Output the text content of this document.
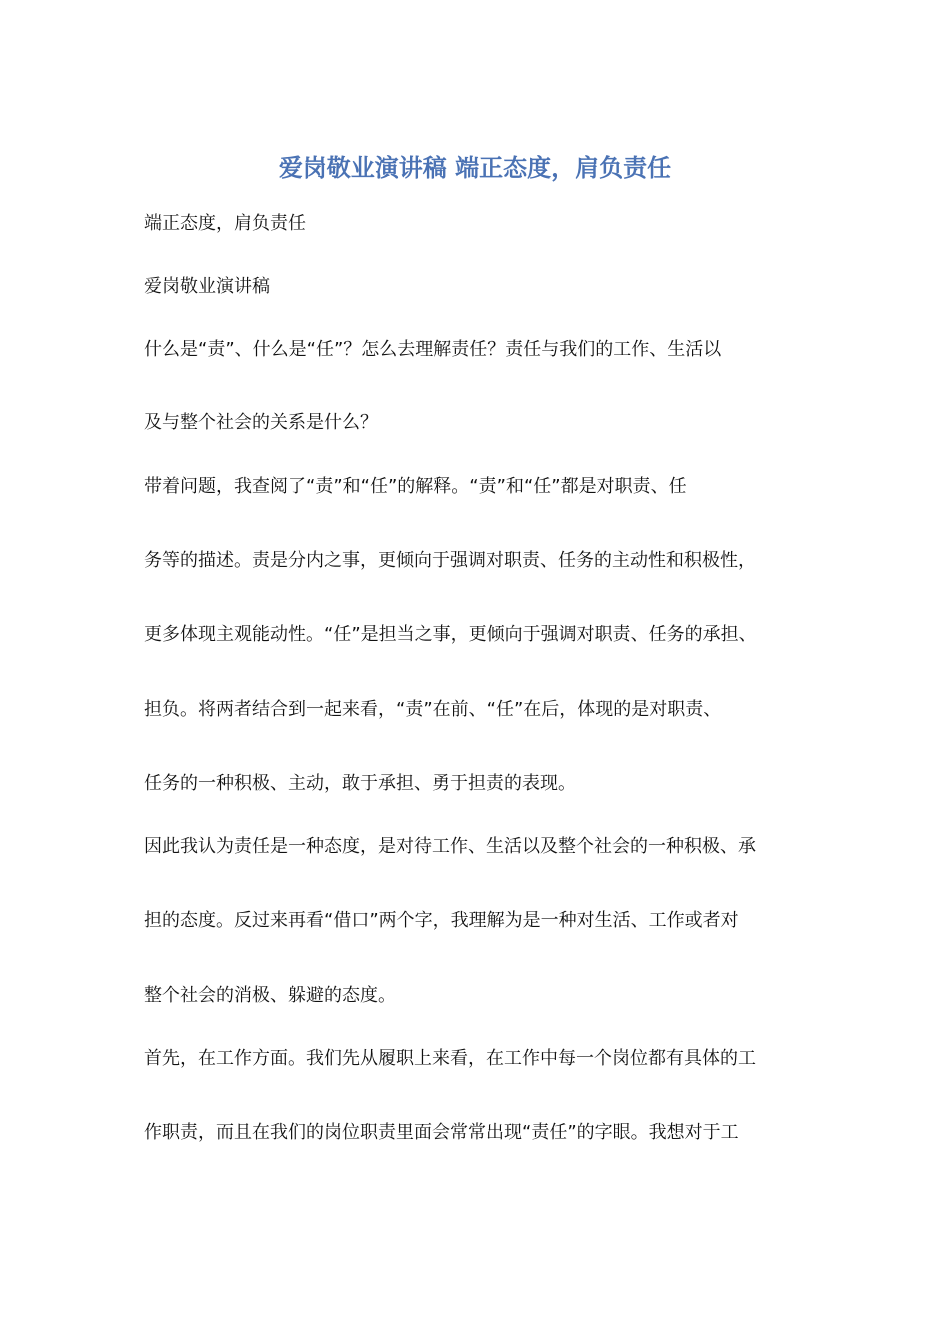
爱岗敬业演讲稿 端正态度，肩负责任
端正态度，肩负责任
爱岗敬业演讲稿
什么是“责”、什么是“任”？怎么去理解责任？责任与我们的工作、生活以
及与整个社会的关系是什么？
带着问题，我查阅了“责”和“任”的解释。“责”和“任”都是对职责、任
务等的描述。责是分内之事，更倾向于强调对职责、任务的主动性和积极性，
更多体现主观能动性。“任”是担当之事，更倾向于强调对职责、任务的承担、
担负。将两者结合到一起来看，“责”在前、“任”在后，体现的是对职责、
任务的一种积极、主动，敢于承担、勇于担责的表现。
因此我认为责任是一种态度，是对待工作、生活以及整个社会的一种积极、承
担的态度。反过来再看“借口”两个字，我理解为是一种对生活、工作或者对
整个社会的消极、躲避的态度。
首先，在工作方面。我们先从履职上来看，在工作中每一个岗位都有具体的工
作职责，而且在我们的岗位职责里面会常常出现“责任”的字眼。我想对于工
